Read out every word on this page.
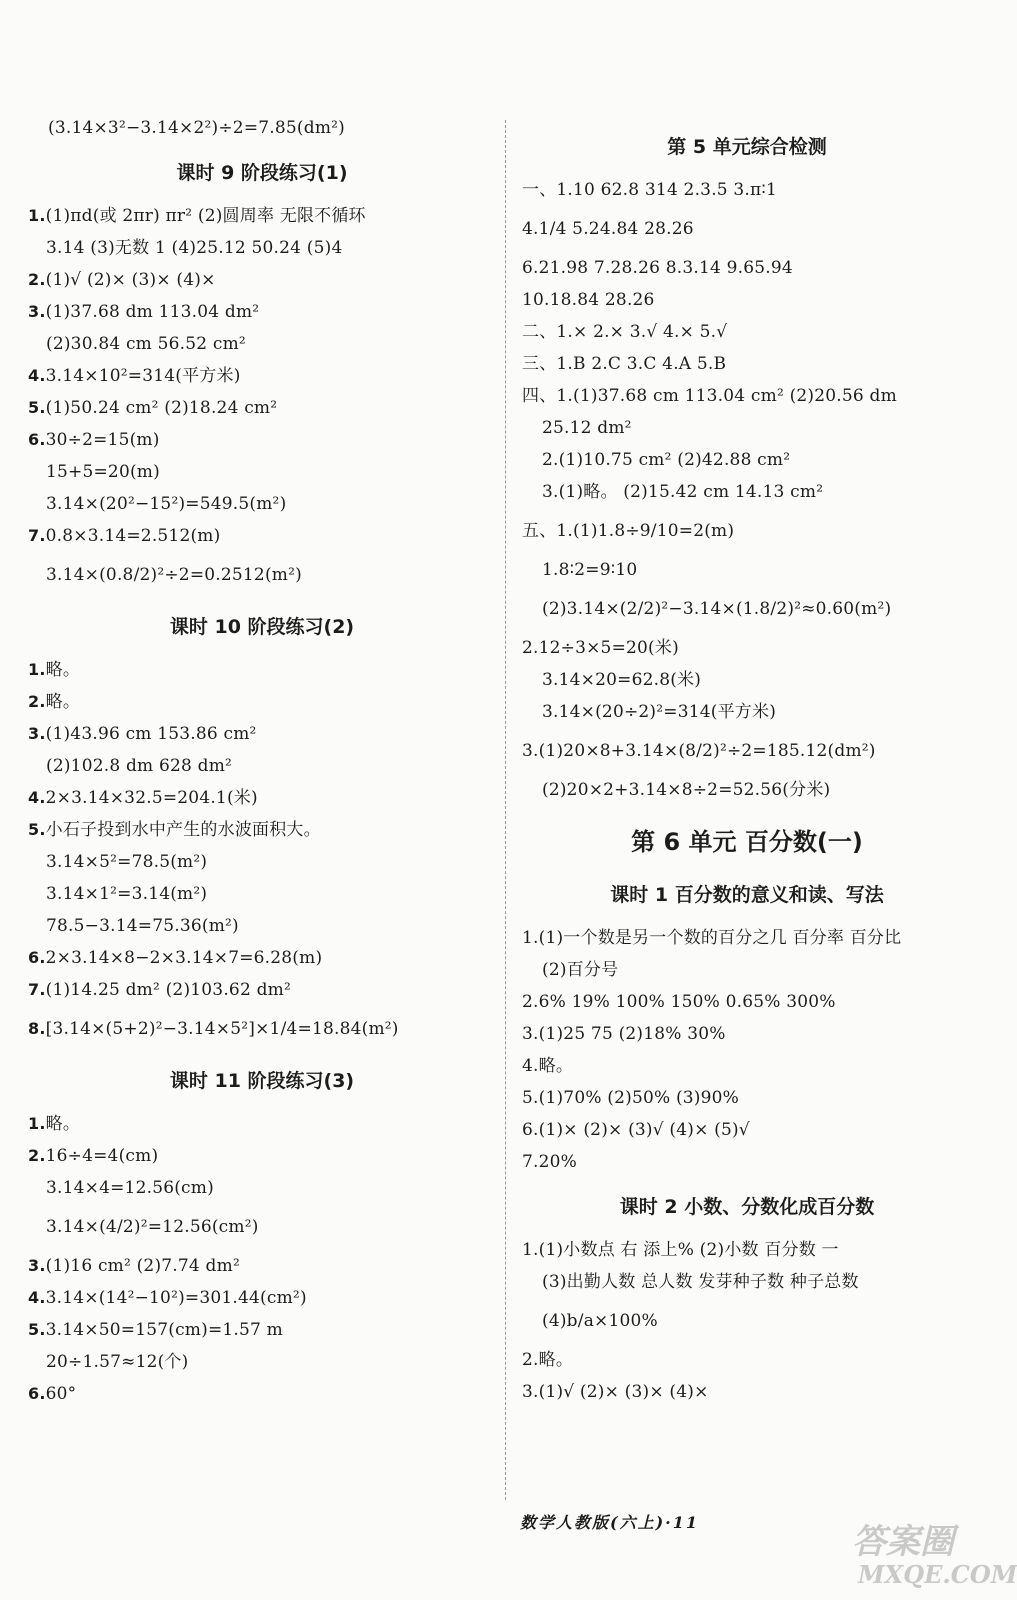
(3.14×3²−3.14×2²)÷2=7.85(dm²)
课时 9 阶段练习(1)
1.(1)πd(或 2πr) πr² (2)圆周率 无限不循环
3.14 (3)无数 1 (4)25.12 50.24 (5)4
2.(1)√ (2)× (3)× (4)×
3.(1)37.68 dm 113.04 dm²
(2)30.84 cm 56.52 cm²
4.3.14×10²=314(平方米)
5.(1)50.24 cm² (2)18.24 cm²
6.30÷2=15(m)
15+5=20(m)
3.14×(20²−15²)=549.5(m²)
7.0.8×3.14=2.512(m)
3.14×(0.8/2)²÷2=0.2512(m²)
课时 10 阶段练习(2)
1.略。
2.略。
3.(1)43.96 cm 153.86 cm²
(2)102.8 dm 628 dm²
4.2×3.14×32.5=204.1(米)
5.小石子投到水中产生的水波面积大。
3.14×5²=78.5(m²)
3.14×1²=3.14(m²)
78.5−3.14=75.36(m²)
6.2×3.14×8−2×3.14×7=6.28(m)
7.(1)14.25 dm² (2)103.62 dm²
8.[3.14×(5+2)²−3.14×5²]×1/4=18.84(m²)
课时 11 阶段练习(3)
1.略。
2.16÷4=4(cm)
3.14×4=12.56(cm)
3.14×(4/2)²=12.56(cm²)
3.(1)16 cm² (2)7.74 dm²
4.3.14×(14²−10²)=301.44(cm²)
5.3.14×50=157(cm)=1.57 m
20÷1.57≈12(个)
6.60°
第 5 单元综合检测
一、1.10 62.8 314 2.3.5 3.π∶1
4.1/4 5.24.84 28.26
6.21.98 7.28.26 8.3.14 9.65.94
10.18.84 28.26
二、1.× 2.× 3.√ 4.× 5.√
三、1.B 2.C 3.C 4.A 5.B
四、1.(1)37.68 cm 113.04 cm² (2)20.56 dm
25.12 dm²
2.(1)10.75 cm² (2)42.88 cm²
3.(1)略。 (2)15.42 cm 14.13 cm²
五、1.(1)1.8÷9/10=2(m)
1.8∶2=9∶10
(2)3.14×(2/2)²−3.14×(1.8/2)²≈0.60(m²)
2.12÷3×5=20(米)
3.14×20=62.8(米)
3.14×(20÷2)²=314(平方米)
3.(1)20×8+3.14×(8/2)²÷2=185.12(dm²)
(2)20×2+3.14×8÷2=52.56(分米)
第 6 单元 百分数(一)
课时 1 百分数的意义和读、写法
1.(1)一个数是另一个数的百分之几 百分率 百分比
(2)百分号
2.6% 19% 100% 150% 0.65% 300%
3.(1)25 75 (2)18% 30%
4.略。
5.(1)70% (2)50% (3)90%
6.(1)× (2)× (3)√ (4)× (5)√
7.20%
课时 2 小数、分数化成百分数
1.(1)小数点 右 添上% (2)小数 百分数 一
(3)出勤人数 总人数 发芽种子数 种子总数
(4)b/a×100%
2.略。
3.(1)√ (2)× (3)× (4)×
数学人教版(六上)·11	答案圈
MXQE.COM
